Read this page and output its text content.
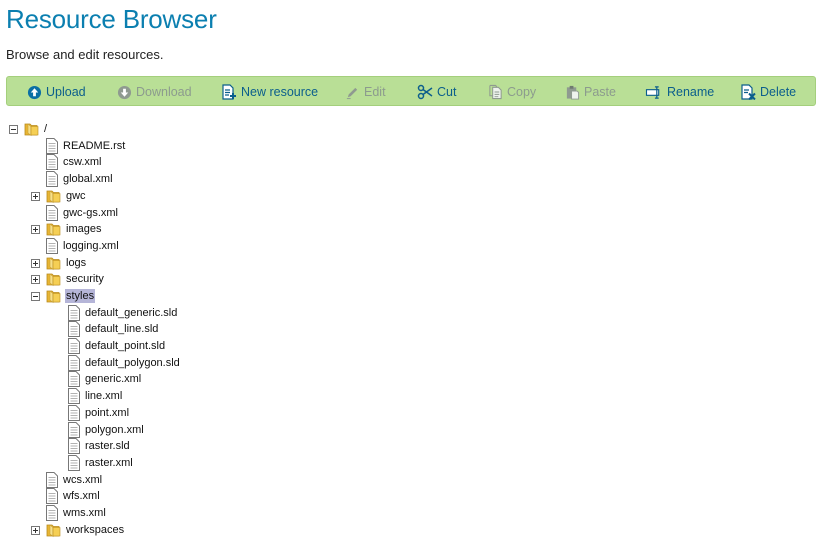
Resource Browser

Browse and edit resources.

Upload	Download	New resource	Edit	Cut	Copy	Paste	Rename	Delete
/
README.rst
csw.xml
global.xml
gwc
gwc-gs.xml
images
logging.xml
logs
security
styles
default_generic.sld
default_line.sld
default_point.sld
default_polygon.sld
generic.xml
line.xml
point.xml
polygon.xml
raster.sld
raster.xml
wcs.xml
wfs.xml
wms.xml
workspaces
